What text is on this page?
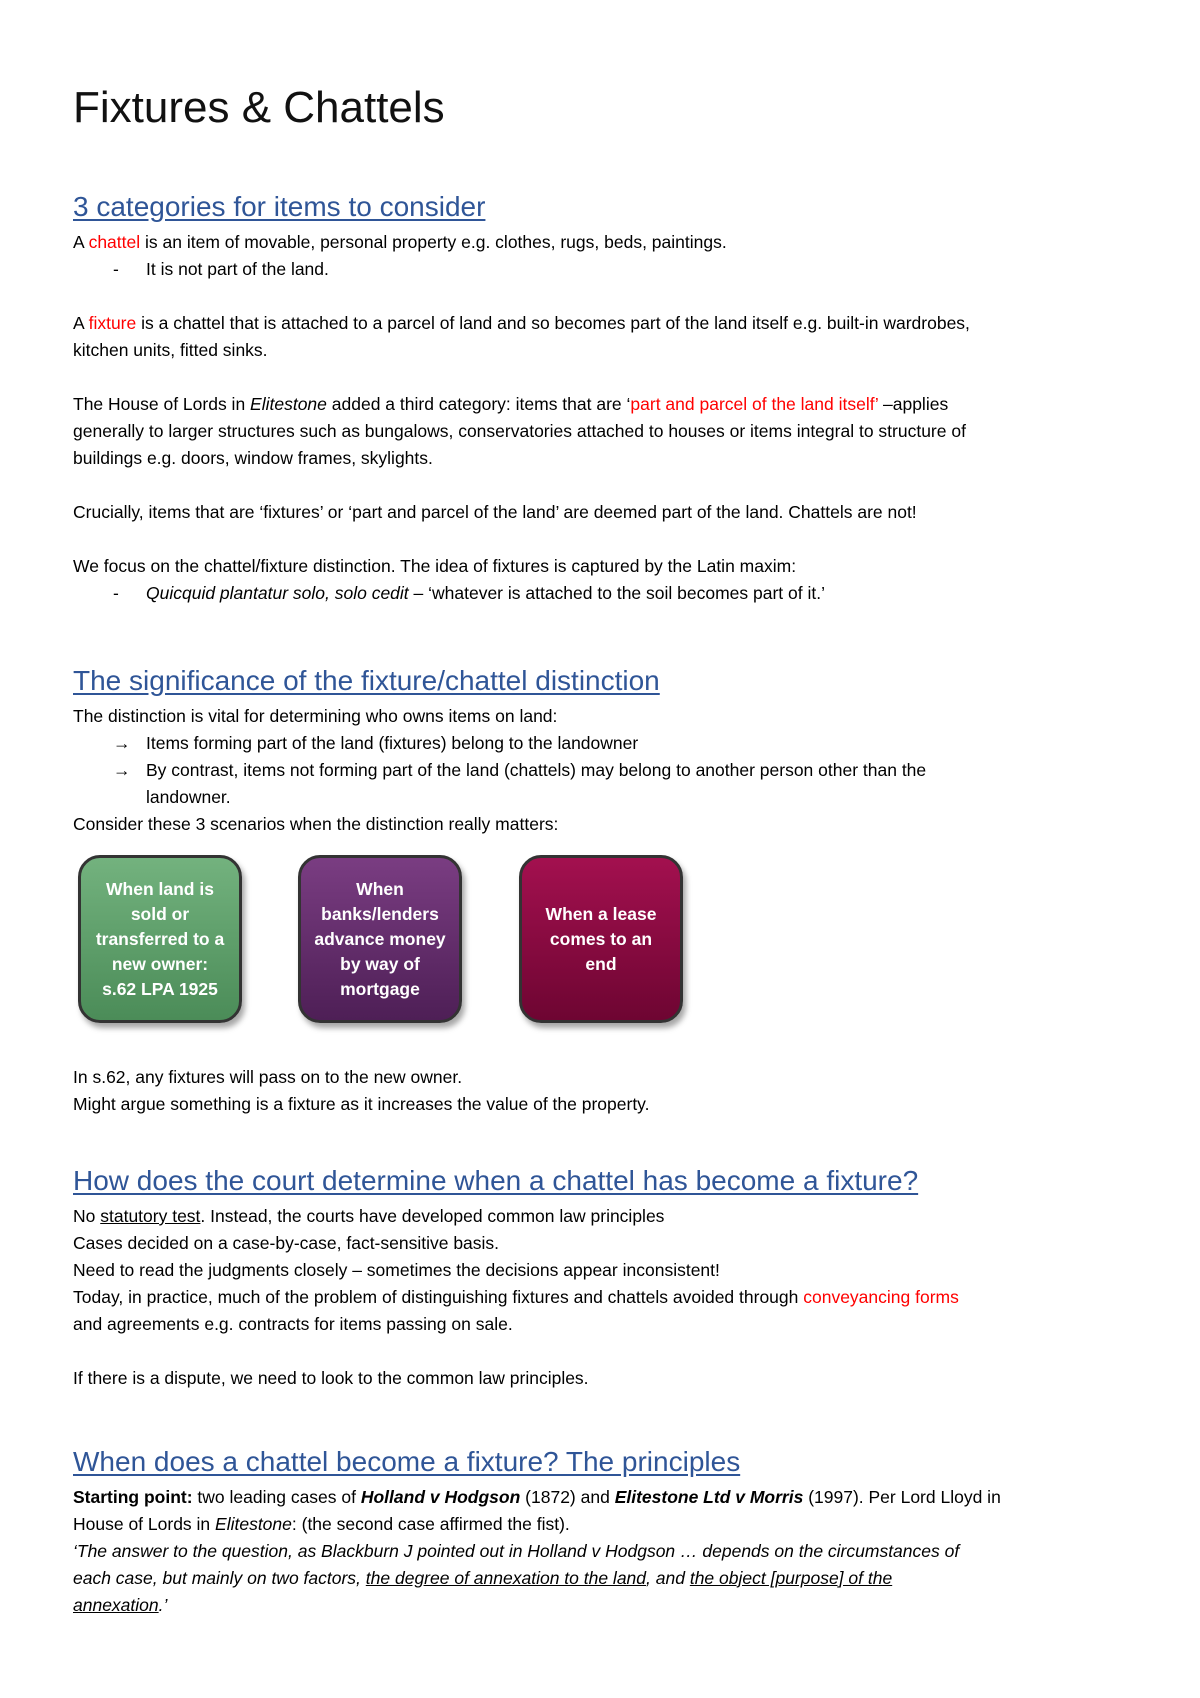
Fixtures & Chattels
3 categories for items to consider
A chattel is an item of movable, personal property e.g. clothes, rugs, beds, paintings.
- It is not part of the land.
A fixture is a chattel that is attached to a parcel of land and so becomes part of the land itself e.g. built-in wardrobes,
kitchen units, fitted sinks.
The House of Lords in Elitestone added a third category: items that are ‘part and parcel of the land itself’ –applies
generally to larger structures such as bungalows, conservatories attached to houses or items integral to structure of
buildings e.g. doors, window frames, skylights.
Crucially, items that are ‘fixtures’ or ‘part and parcel of the land’ are deemed part of the land. Chattels are not!
We focus on the chattel/fixture distinction. The idea of fixtures is captured by the Latin maxim:
- Quicquid plantatur solo, solo cedit – ‘whatever is attached to the soil becomes part of it.’
The significance of the fixture/chattel distinction
The distinction is vital for determining who owns items on land:
→ Items forming part of the land (fixtures) belong to the landowner
→ By contrast, items not forming part of the land (chattels) may belong to another person other than the
landowner.
Consider these 3 scenarios when the distinction really matters:
When land is
sold or
transferred to a
new owner:
s.62 LPA 1925
When
banks/lenders
advance money
by way of
mortgage
When a lease
comes to an
end
In s.62, any fixtures will pass on to the new owner.
Might argue something is a fixture as it increases the value of the property.
How does the court determine when a chattel has become a fixture?
No statutory test. Instead, the courts have developed common law principles
Cases decided on a case-by-case, fact-sensitive basis.
Need to read the judgments closely – sometimes the decisions appear inconsistent!
Today, in practice, much of the problem of distinguishing fixtures and chattels avoided through conveyancing forms
and agreements e.g. contracts for items passing on sale.
If there is a dispute, we need to look to the common law principles.
When does a chattel become a fixture? The principles
Starting point: two leading cases of Holland v Hodgson (1872) and Elitestone Ltd v Morris (1997). Per Lord Lloyd in
House of Lords in Elitestone: (the second case affirmed the fist).
‘The answer to the question, as Blackburn J pointed out in Holland v Hodgson … depends on the circumstances of
each case, but mainly on two factors, the degree of annexation to the land, and the object [purpose] of the
annexation.’
